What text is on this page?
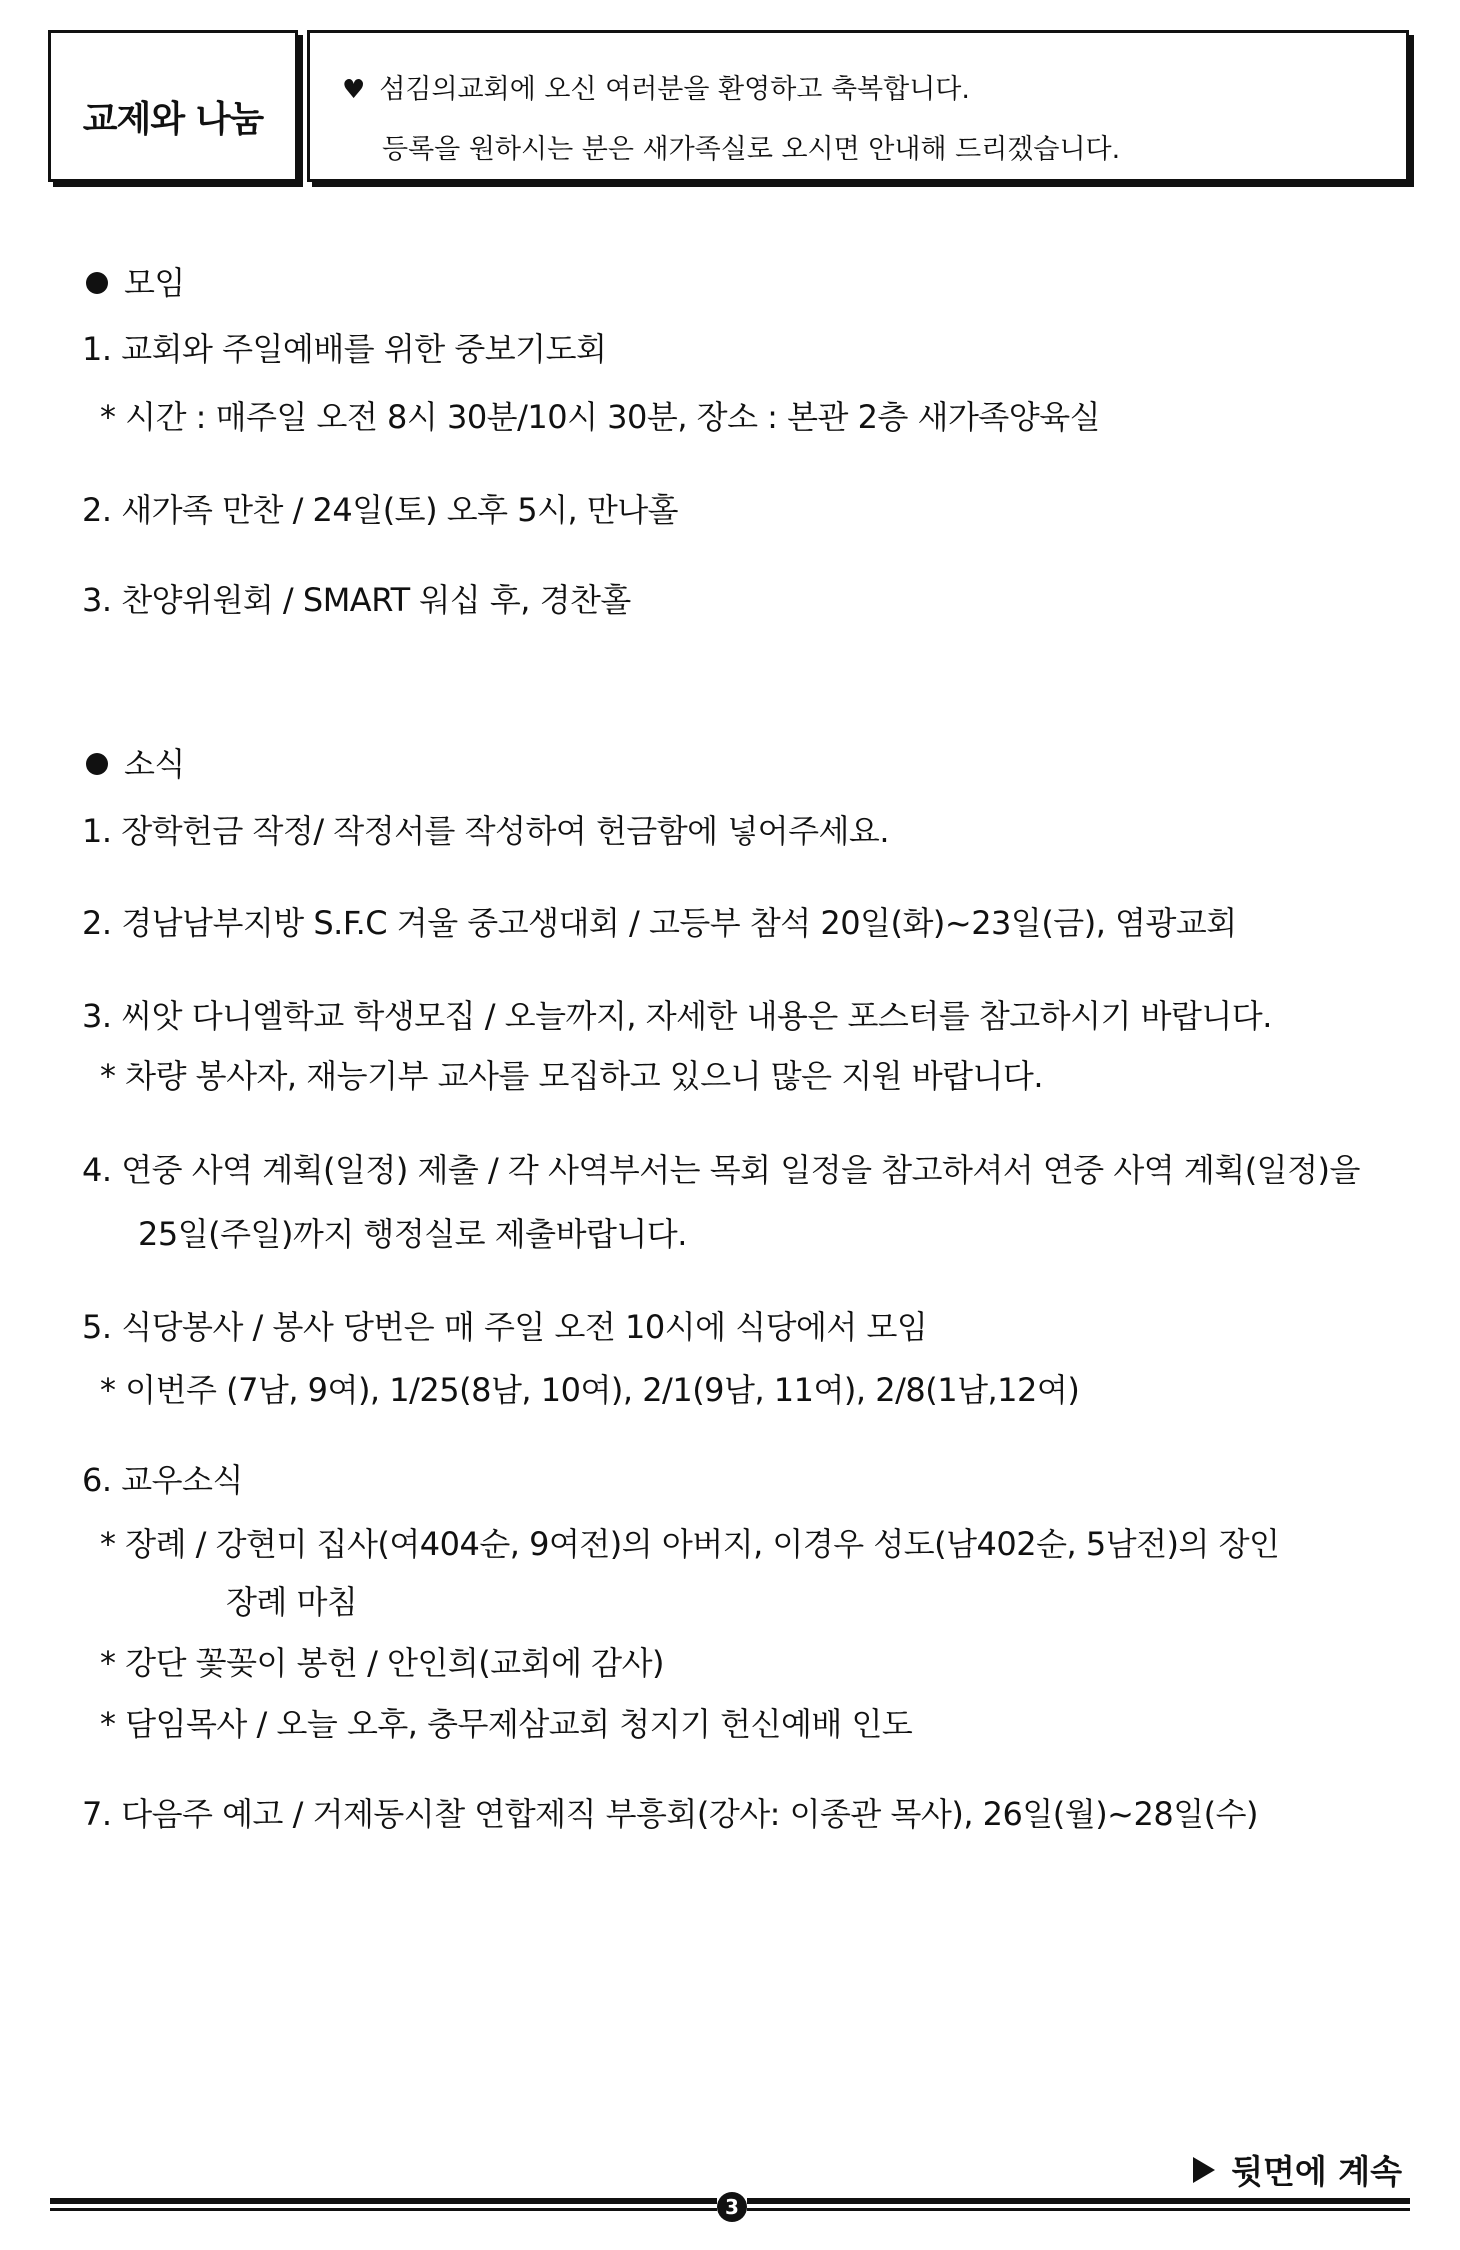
교제와 나눔
♥ 섬김의교회에 오신 여러분을 환영하고 축복합니다.
등록을 원하시는 분은 새가족실로 오시면 안내해 드리겠습니다.
모임
1. 교회와 주일예배를 위한 중보기도회
* 시간 : 매주일 오전 8시 30분/10시 30분, 장소 : 본관 2층 새가족양육실
2. 새가족 만찬 / 24일(토) 오후 5시, 만나홀
3. 찬양위원회 / SMART 워십 후, 경찬홀
소식
1. 장학헌금 작정/ 작정서를 작성하여 헌금함에 넣어주세요.
2. 경남남부지방 S.F.C 겨울 중고생대회 / 고등부 참석 20일(화)~23일(금), 염광교회
3. 씨앗 다니엘학교 학생모집 / 오늘까지, 자세한 내용은 포스터를 참고하시기 바랍니다.
* 차량 봉사자, 재능기부 교사를 모집하고 있으니 많은 지원 바랍니다.
4. 연중 사역 계획(일정) 제출 / 각 사역부서는 목회 일정을 참고하셔서 연중 사역 계획(일정)을
25일(주일)까지 행정실로 제출바랍니다.
5. 식당봉사 / 봉사 당번은 매 주일 오전 10시에 식당에서 모임
* 이번주 (7남, 9여), 1/25(8남, 10여), 2/1(9남, 11여), 2/8(1남,12여)
6. 교우소식
* 장례 / 강현미 집사(여404순, 9여전)의 아버지, 이경우 성도(남402순, 5남전)의 장인
장례 마침
* 강단 꽃꽂이 봉헌 / 안인희(교회에 감사)
* 담임목사 / 오늘 오후, 충무제삼교회 청지기 헌신예배 인도
7. 다음주 예고 / 거제동시찰 연합제직 부흥회(강사: 이종관 목사), 26일(월)~28일(수)
뒷면에 계속
3
